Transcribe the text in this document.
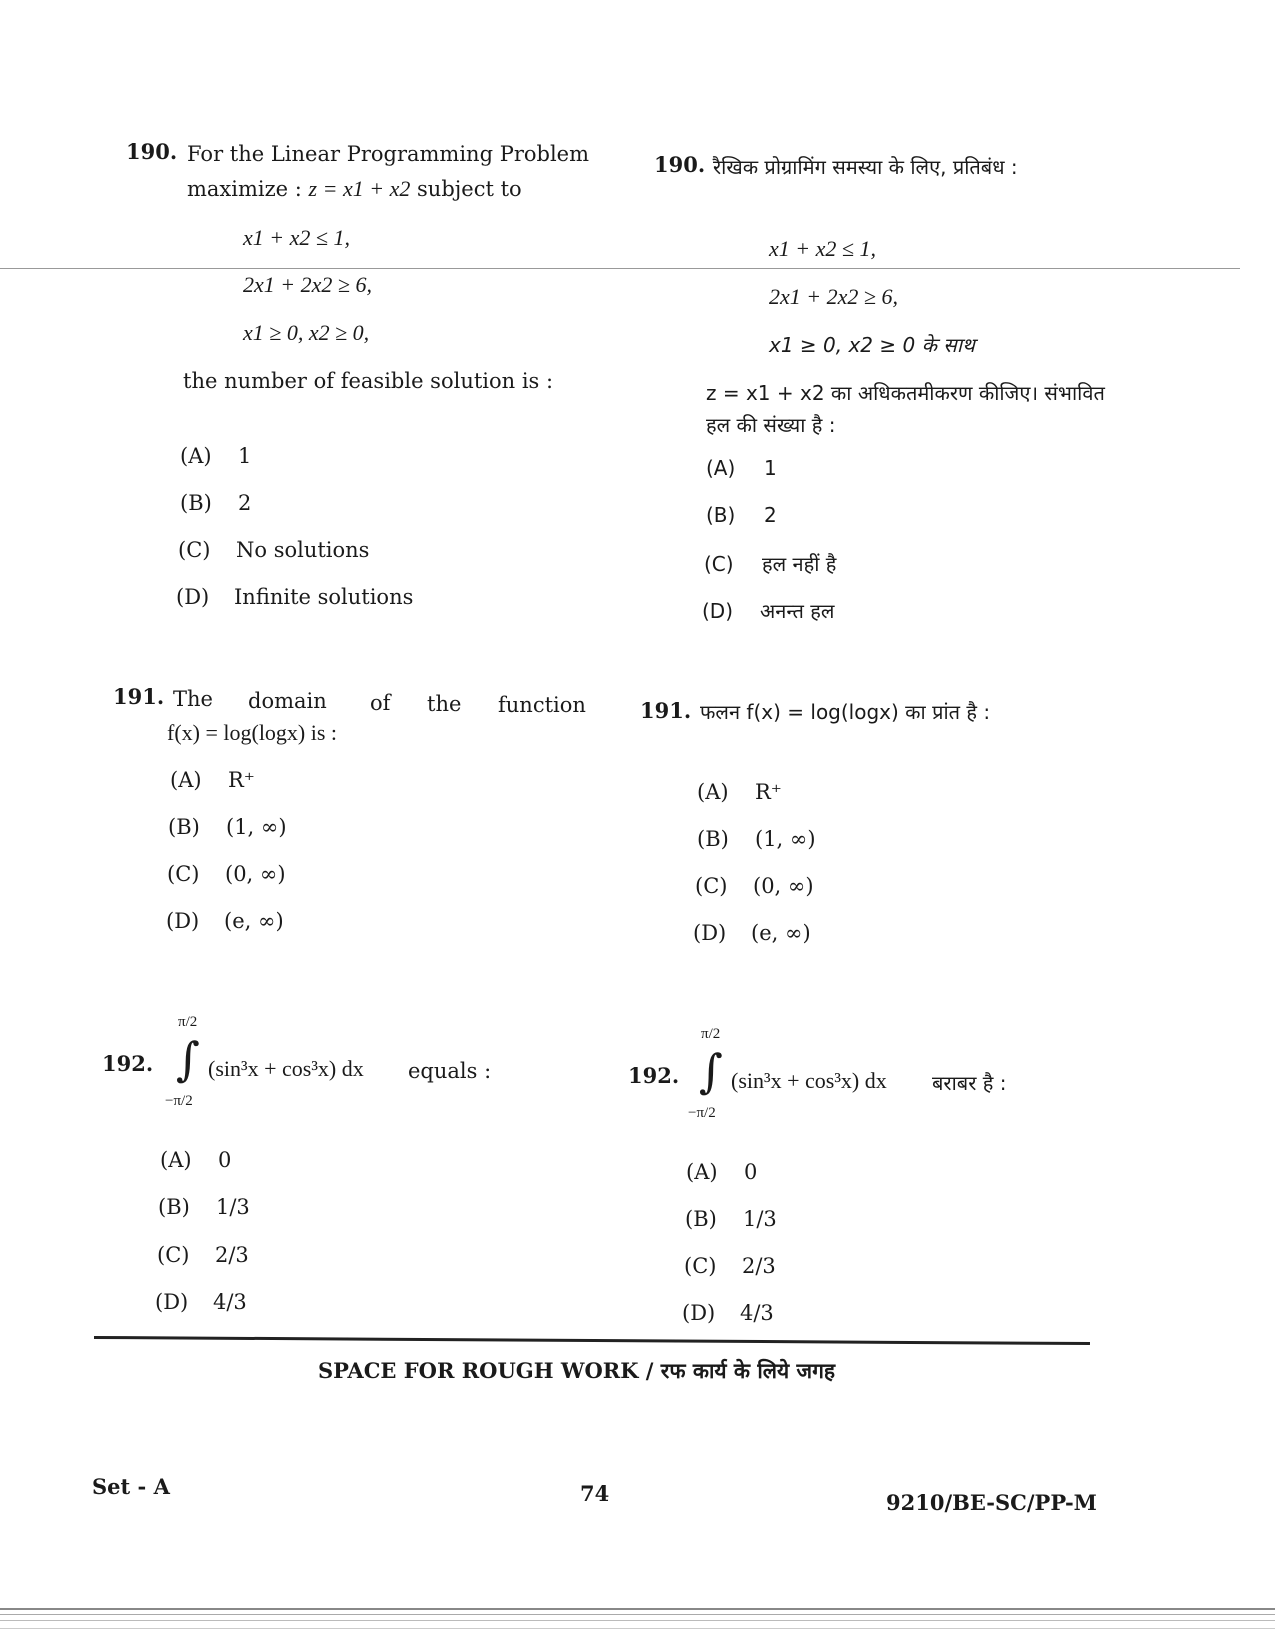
190. For the Linear Programming Problem
maximize : z = x1 + x2 subject to
x1 + x2 ≤ 1,
2x1 + 2x2 ≥ 6,
x1 ≥ 0, x2 ≥ 0,
the number of feasible solution is :
(A) 1
(B) 2
(C) No solutions
(D) Infinite solutions
190. रैखिक प्रोग्रामिंग समस्या के लिए, प्रतिबंध :
x1 + x2 ≤ 1,
2x1 + 2x2 ≥ 6,
x1 ≥ 0, x2 ≥ 0 के साथ
z = x1 + x2 का अधिकतमीकरण कीजिए। संभावित
हल की संख्या है :
(A) 1
(B) 2
(C) हल नहीं है
(D) अनन्त हल
191. The domain of the function
f(x) = log(logx) is :
(A) R⁺
(B) (1, ∞)
(C) (0, ∞)
(D) (e, ∞)
191. फलन f(x) = log(logx) का प्रांत है :
(A) R⁺
(B) (1, ∞)
(C) (0, ∞)
(D) (e, ∞)
192.
π/2
∫
−π/2
(sin³x + cos³x) dx equals :
(A) 0
(B) 1/3
(C) 2/3
(D) 4/3
192.
π/2
∫
−π/2
(sin³x + cos³x) dx बराबर है :
(A) 0
(B) 1/3
(C) 2/3
(D) 4/3
SPACE FOR ROUGH WORK / रफ कार्य के लिये जगह
Set - A	74	9210/BE-SC/PP-M
